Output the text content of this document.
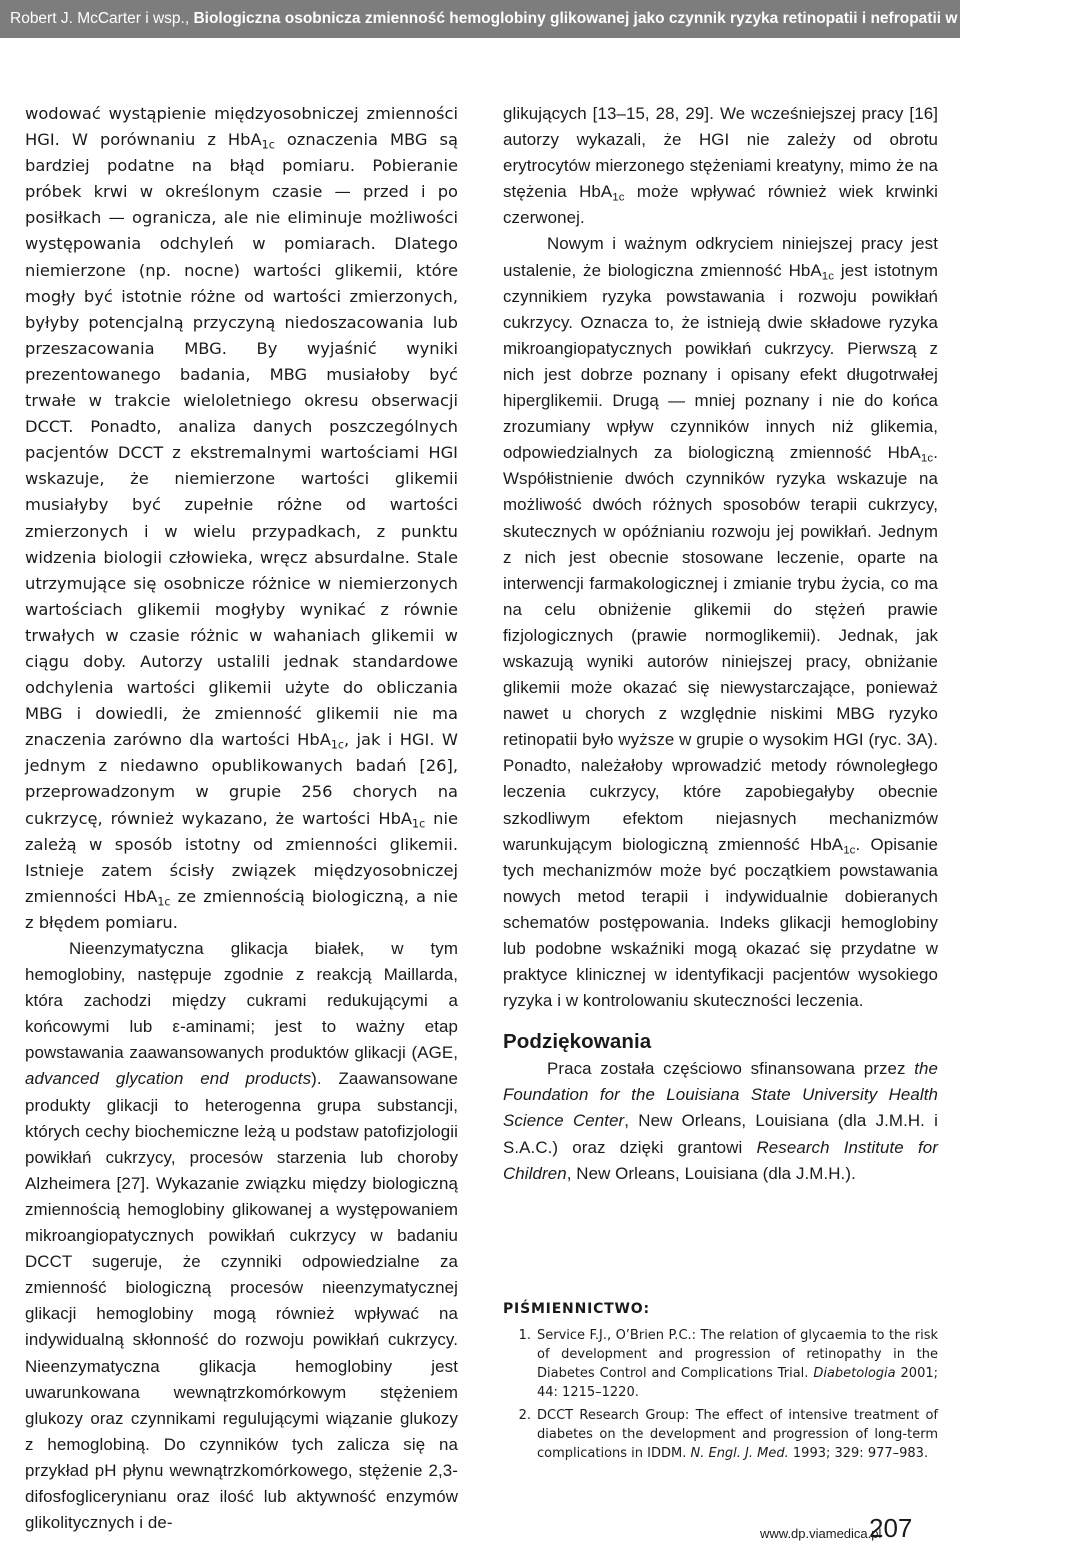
Robert J. McCarter i wsp., Biologiczna osobnicza zmienność hemoglobiny glikowanej jako czynnik ryzyka retinopatii i nefropatii w cukrzycy typu 1

wodować wystąpienie międzyosobniczej zmienności HGI. W porównaniu z HbA$_{1c}$ oznaczenia MBG są bardziej podatne na błąd pomiaru. Pobieranie próbek krwi w określonym czasie — przed i po posiłkach — ogranicza, ale nie eliminuje możliwości występowania odchyleń w pomiarach. Dlatego niemierzone (np. nocne) wartości glikemii, które mogły być istotnie różne od wartości zmierzonych, byłyby potencjalną przyczyną niedoszacowania lub przeszacowania MBG. By wyjaśnić wyniki prezentowanego badania, MBG musiałoby być trwałe w trakcie wieloletniego okresu obserwacji DCCT. Ponadto, analiza danych poszczególnych pacjentów DCCT z ekstremalnymi wartościami HGI wskazuje, że niemierzone wartości glikemii musiałyby być zupełnie różne od wartości zmierzonych i w wielu przypadkach, z punktu widzenia biologii człowieka, wręcz absurdalne. Stale utrzymujące się osobnicze różnice w niemierzonych wartościach glikemii mogłyby wynikać z równie trwałych w czasie różnic w wahaniach glikemii w ciągu doby. Autorzy ustalili jednak standardowe odchylenia wartości glikemii użyte do obliczania MBG i dowiedli, że zmienność glikemii nie ma znaczenia zarówno dla wartości HbA$_{1c}$, jak i HGI. W jednym z niedawno opublikowanych badań [26], przeprowadzonym w grupie 256 chorych na cukrzycę, również wykazano, że wartości HbA$_{1c}$ nie zależą w sposób istotny od zmienności glikemii. Istnieje zatem ścisły związek międzyosobniczej zmienności HbA$_{1c}$ ze zmiennością biologiczną, a nie z błędem pomiaru.

Nieenzymatyczna glikacja białek, w tym hemoglobiny, następuje zgodnie z reakcją Maillarda, która zachodzi między cukrami redukującymi a końcowymi lub ε-aminami; jest to ważny etap powstawania zaawansowanych produktów glikacji (AGE, advanced glycation end products). Zaawansowane produkty glikacji to heterogenna grupa substancji, których cechy biochemiczne leżą u podstaw patofizjologii powikłań cukrzycy, procesów starzenia lub choroby Alzheimera [27]. Wykazanie związku między biologiczną zmiennością hemoglobiny glikowanej a występowaniem mikroangiopatycznych powikłań cukrzycy w badaniu DCCT sugeruje, że czynniki odpowiedzialne za zmienność biologiczną procesów nieenzymatycznej glikacji hemoglobiny mogą również wpływać na indywidualną skłonność do rozwoju powikłań cukrzycy. Nieenzymatyczna glikacja hemoglobiny jest uwarunkowana wewnątrzkomórkowym stężeniem glukozy oraz czynnikami regulującymi wiązanie glukozy z hemoglobiną. Do czynników tych zalicza się na przykład pH płynu wewnątrzkomórkowego, stężenie 2,3-difosfoglicerynianu oraz ilość lub aktywność enzymów glikolitycznych i de-

glikujących [13–15, 28, 29]. We wcześniejszej pracy [16] autorzy wykazali, że HGI nie zależy od obrotu erytrocytów mierzonego stężeniami kreatyny, mimo że na stężenia HbA$_{1c}$ może wpływać również wiek krwinki czerwonej.

Nowym i ważnym odkryciem niniejszej pracy jest ustalenie, że biologiczna zmienność HbA$_{1c}$ jest istotnym czynnikiem ryzyka powstawania i rozwoju powikłań cukrzycy. Oznacza to, że istnieją dwie składowe ryzyka mikroangiopatycznych powikłań cukrzycy. Pierwszą z nich jest dobrze poznany i opisany efekt długotrwałej hiperglikemii. Drugą — mniej poznany i nie do końca zrozumiany wpływ czynników innych niż glikemia, odpowiedzialnych za biologiczną zmienność HbA$_{1c}$. Współistnienie dwóch czynników ryzyka wskazuje na możliwość dwóch różnych sposobów terapii cukrzycy, skutecznych w opóźnianiu rozwoju jej powikłań. Jednym z nich jest obecnie stosowane leczenie, oparte na interwencji farmakologicznej i zmianie trybu życia, co ma na celu obniżenie glikemii do stężeń prawie fizjologicznych (prawie normoglikemii). Jednak, jak wskazują wyniki autorów niniejszej pracy, obniżanie glikemii może okazać się niewystarczające, ponieważ nawet u chorych z względnie niskimi MBG ryzyko retinopatii było wyższe w grupie o wysokim HGI (ryc. 3A). Ponadto, należałoby wprowadzić metody równoległego leczenia cukrzycy, które zapobiegałyby obecnie szkodliwym efektom niejasnych mechanizmów warunkującym biologiczną zmienność HbA$_{1c}$. Opisanie tych mechanizmów może być początkiem powstawania nowych metod terapii i indywidualnie dobieranych schematów postępowania. Indeks glikacji hemoglobiny lub podobne wskaźniki mogą okazać się przydatne w praktyce klinicznej w identyfikacji pacjentów wysokiego ryzyka i w kontrolowaniu skuteczności leczenia.

Podziękowania

Praca została częściowo sfinansowana przez the Foundation for the Louisiana State University Health Science Center, New Orleans, Louisiana (dla J.M.H. i S.A.C.) oraz dzięki grantowi Research Institute for Children, New Orleans, Louisiana (dla J.M.H.).

PIŚMIENNICTWO:
1. Service F.J., O’Brien P.C.: The relation of glycaemia to the risk of development and progression of retinopathy in the Diabetes Control and Complications Trial. Diabetologia 2001; 44: 1215–1220.
2. DCCT Research Group: The effect of intensive treatment of diabetes on the development and progression of long-term complications in IDDM. N. Engl. J. Med. 1993; 329: 977–983.
www.dp.viamedica.pl
207
